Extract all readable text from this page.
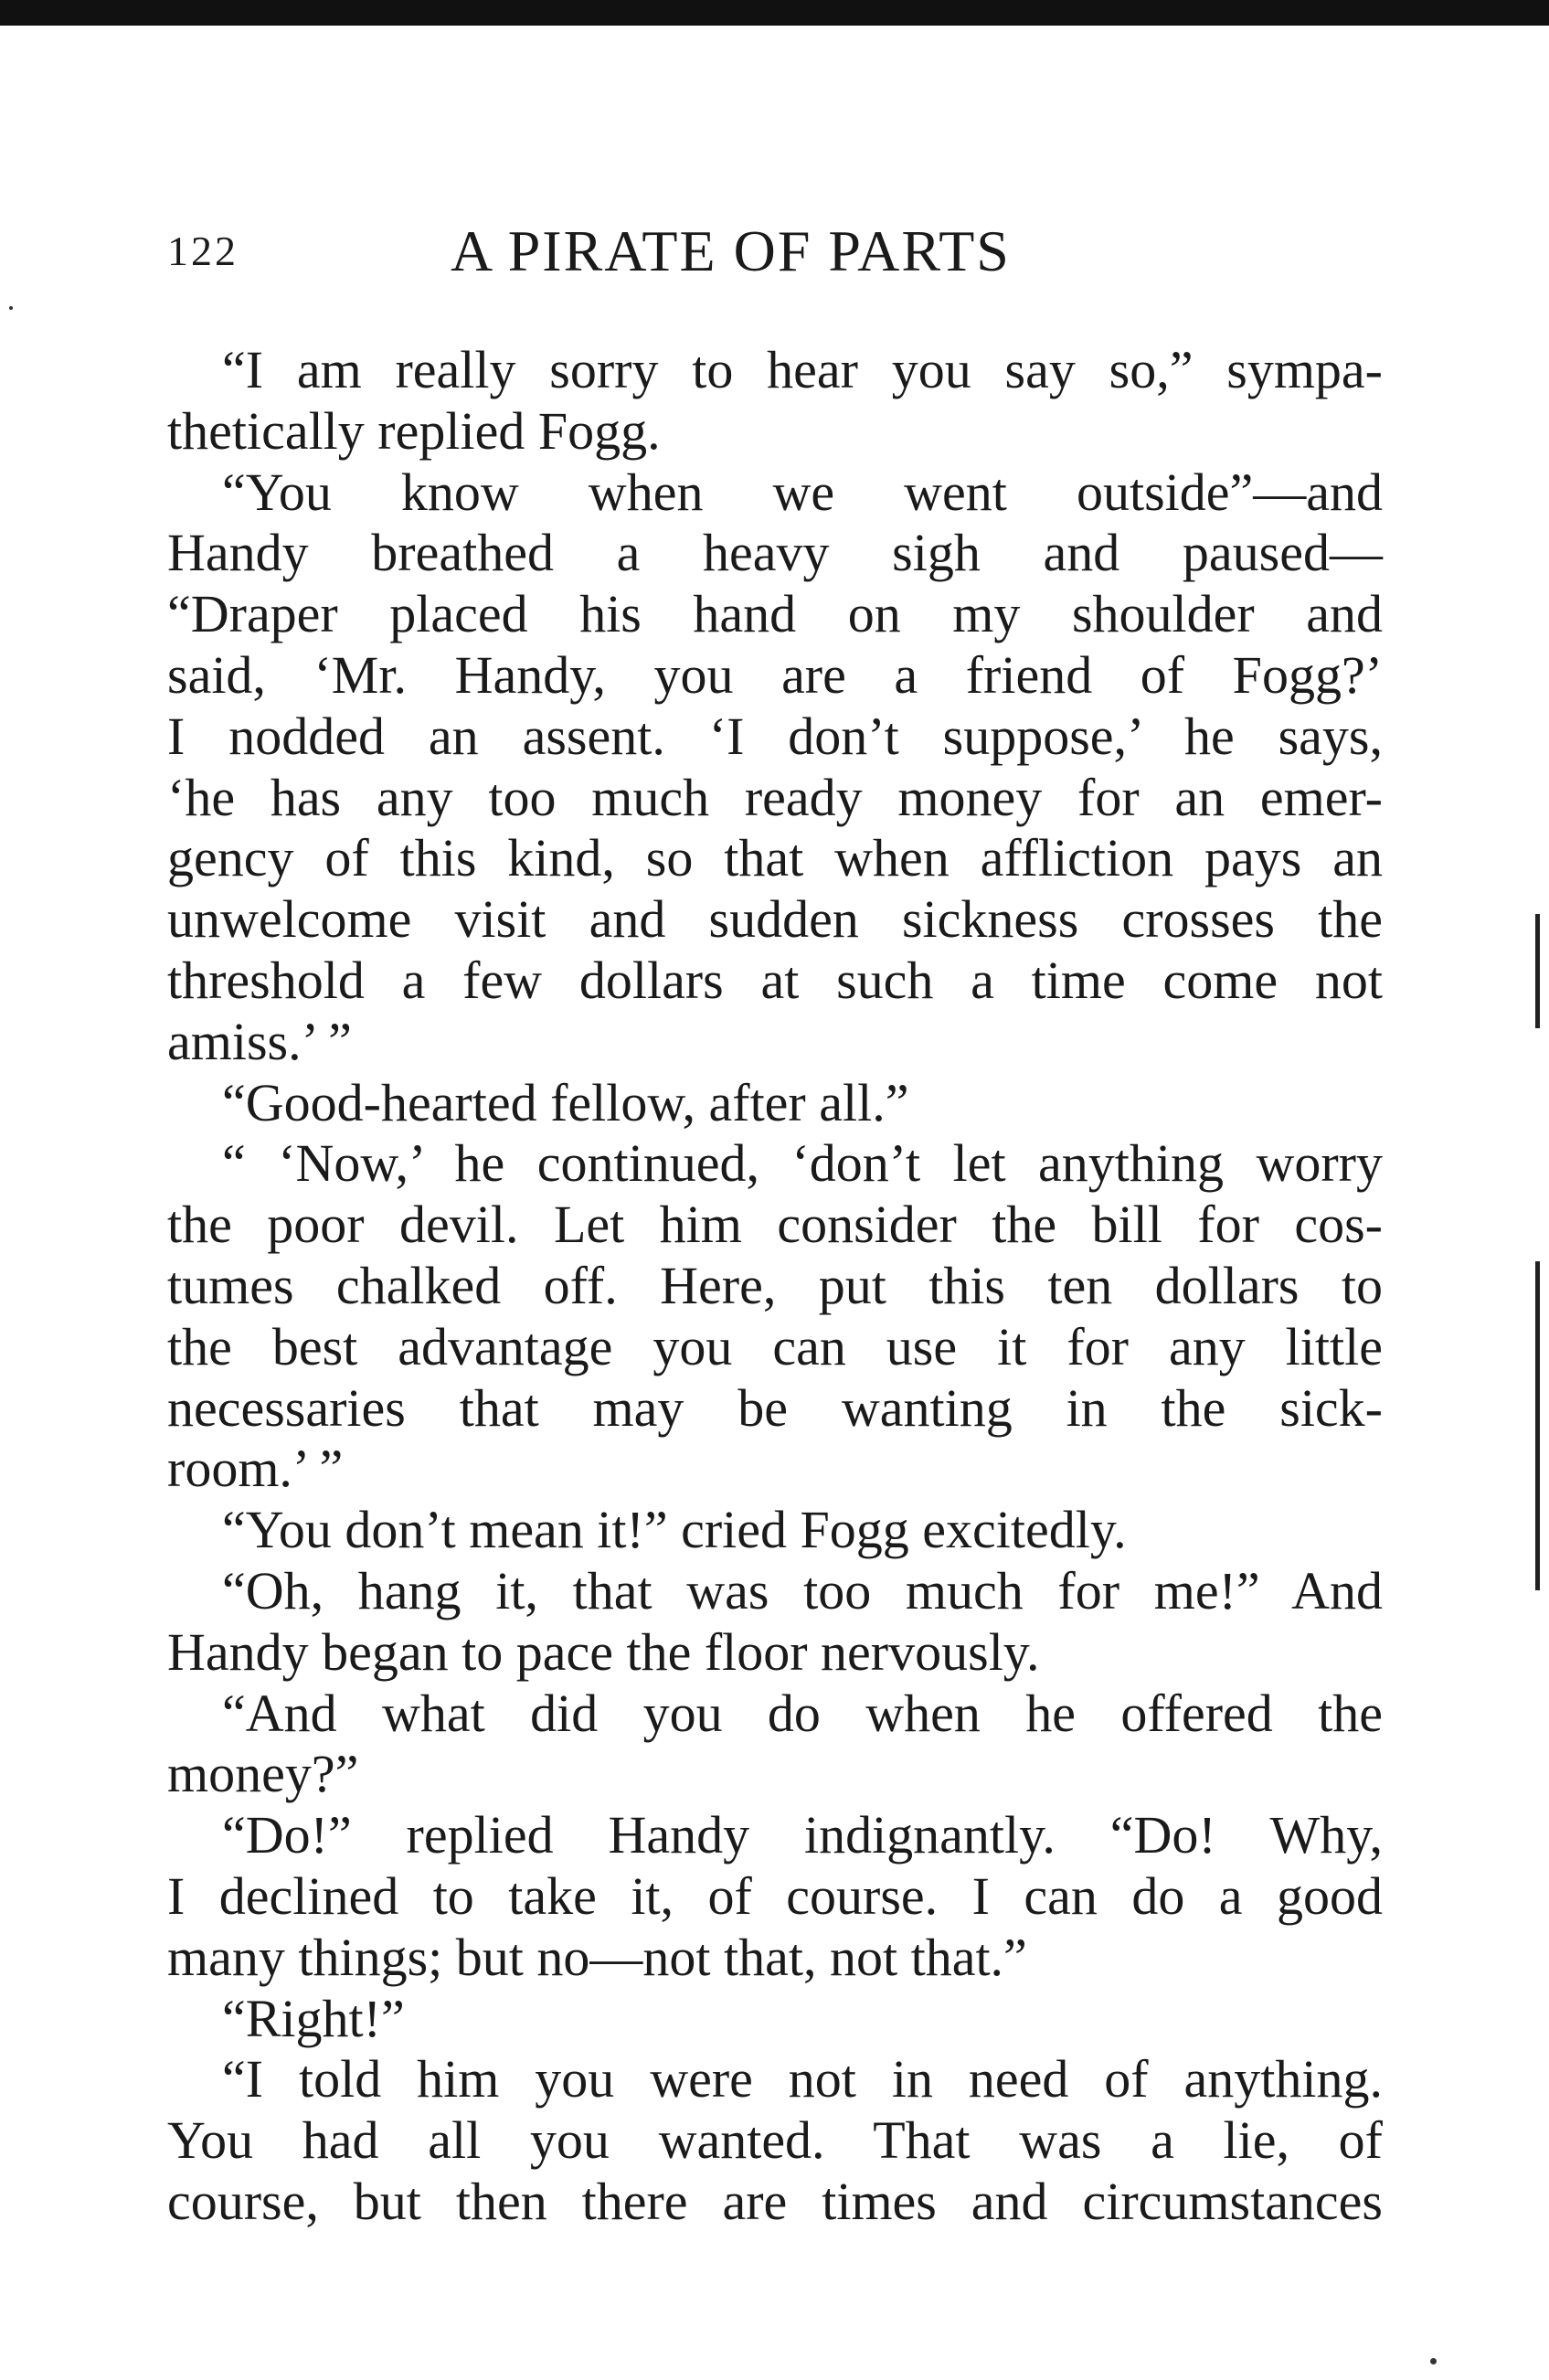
122	A PIRATE OF PARTS
“I am really sorry to hear you say so,” sympa-
thetically replied Fogg.
“You know when we went outside”—and
Handy breathed a heavy sigh and paused—
“Draper placed his hand on my shoulder and
said, ‘Mr. Handy, you are a friend of Fogg?’
I nodded an assent. ‘I don’t suppose,’ he says,
‘he has any too much ready money for an emer-
gency of this kind, so that when affliction pays an
unwelcome visit and sudden sickness crosses the
threshold a few dollars at such a time come not
amiss.’ ”
“Good-hearted fellow, after all.”
“ ‘Now,’ he continued, ‘don’t let anything worry
the poor devil. Let him consider the bill for cos-
tumes chalked off. Here, put this ten dollars to
the best advantage you can use it for any little
necessaries that may be wanting in the sick-
room.’ ”
“You don’t mean it!” cried Fogg excitedly.
“Oh, hang it, that was too much for me!” And
Handy began to pace the floor nervously.
“And what did you do when he offered the
money?”
“Do!” replied Handy indignantly. “Do! Why,
I declined to take it, of course. I can do a good
many things; but no—not that, not that.”
“Right!”
“I told him you were not in need of anything.
You had all you wanted. That was a lie, of
course, but then there are times and circumstances
